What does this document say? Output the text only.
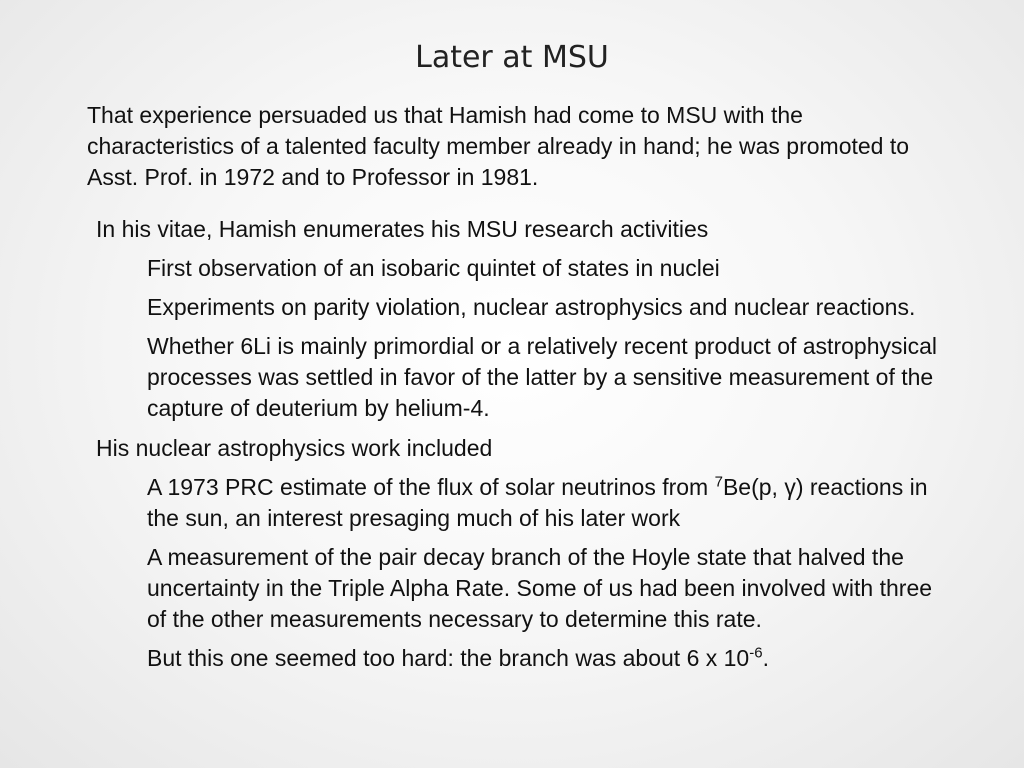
Later at MSU

That experience persuaded us that Hamish had come to MSU with the characteristics of a talented faculty member already in hand; he was promoted to Asst. Prof. in 1972 and to Professor in 1981.

In his vitae, Hamish enumerates his MSU research activities
First observation of an isobaric quintet of states in nuclei
Experiments on parity violation, nuclear astrophysics and nuclear reactions.
Whether 6Li is mainly primordial or a relatively recent product of astrophysical processes was settled in favor of the latter by a sensitive measurement of the capture of deuterium by helium-4.
His nuclear astrophysics work included
A 1973 PRC estimate of the flux of solar neutrinos from $^7$Be(p, γ) reactions in the sun, an interest presaging much of his later work
A measurement of the pair decay branch of the Hoyle state that halved the uncertainty in the Triple Alpha Rate. Some of us had been involved with three of the other measurements necessary to determine this rate.
But this one seemed too hard: the branch was about 6 x $10^{-6}$.
